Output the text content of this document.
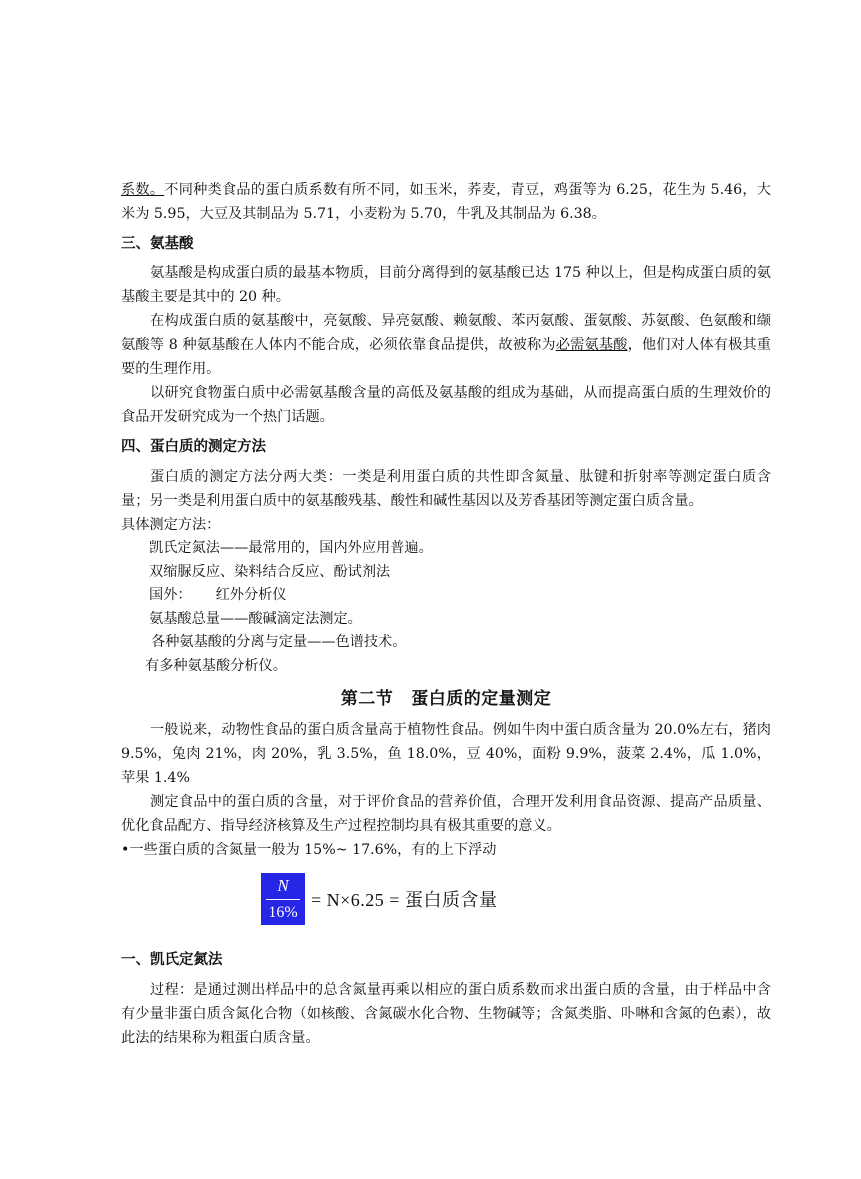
系数。不同种类食品的蛋白质系数有所不同，如玉米，荞麦，青豆，鸡蛋等为 6.25，花生为 5.46，大米为 5.95，大豆及其制品为 5.71，小麦粉为 5.70，牛乳及其制品为 6.38。

三、氨基酸

氨基酸是构成蛋白质的最基本物质，目前分离得到的氨基酸已达 175 种以上，但是构成蛋白质的氨基酸主要是其中的 20 种。

在构成蛋白质的氨基酸中，亮氨酸、异亮氨酸、赖氨酸、苯丙氨酸、蛋氨酸、苏氨酸、色氨酸和缬氨酸等 8 种氨基酸在人体内不能合成，必须依靠食品提供，故被称为必需氨基酸，他们对人体有极其重要的生理作用。

以研究食物蛋白质中必需氨基酸含量的高低及氨基酸的组成为基础，从而提高蛋白质的生理效价的食品开发研究成为一个热门话题。

四、蛋白质的测定方法

蛋白质的测定方法分两大类：一类是利用蛋白质的共性即含氮量、肽键和折射率等测定蛋白质含量；另一类是利用蛋白质中的氨基酸残基、酸性和碱性基因以及芳香基团等测定蛋白质含量。

具体测定方法：

凯氏定氮法——最常用的，国内外应用普遍。
双缩脲反应、染料结合反应、酚试剂法
国外： 红外分析仪
氨基酸总量——酸碱滴定法测定。
各种氨基酸的分离与定量——色谱技术。
有多种氨基酸分析仪。
第二节 蛋白质的定量测定

一般说来，动物性食品的蛋白质含量高于植物性食品。例如牛肉中蛋白质含量为 20.0%左右，猪肉 9.5%，兔肉 21%，肉 20%，乳 3.5%，鱼 18.0%，豆 40%，面粉 9.9%，菠菜 2.4%，瓜 1.0%，苹果 1.4%

测定食品中的蛋白质的含量，对于评价食品的营养价值，合理开发利用食品资源、提高产品质量、优化食品配方、指导经济核算及生产过程控制均具有极其重要的意义。

•一些蛋白质的含氮量一般为 15%~ 17.6%，有的上下浮动

$\frac{N}{16\%} = N\times 6.25$ = 蛋白质含量
一、凯氏定氮法

过程：是通过测出样品中的总含氮量再乘以相应的蛋白质系数而求出蛋白质的含量，由于样品中含有少量非蛋白质含氮化合物（如核酸、含氮碳水化合物、生物碱等；含氮类脂、卟啉和含氮的色素），故此法的结果称为粗蛋白质含量。
